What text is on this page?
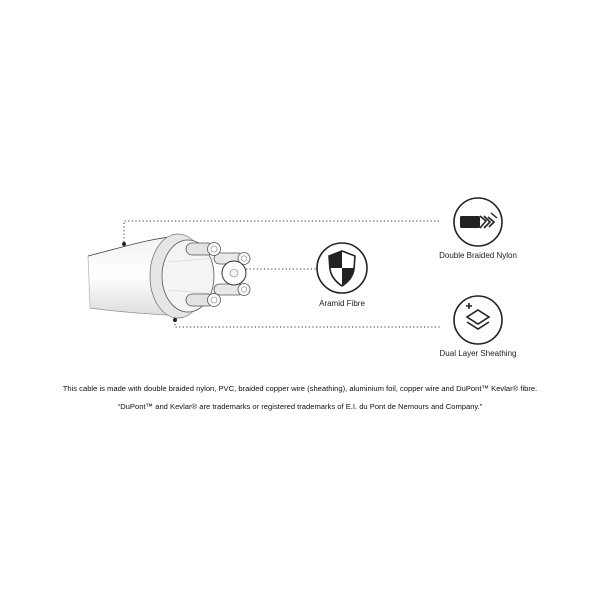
Double Braided Nylon
Aramid Fibre
Dual Layer Sheathing
This cable is made with double braided nylon, PVC, braided copper wire (sheathing), aluminium foil, copper wire and DuPont™ Kevlar® fibre.
“DuPont™ and Kevlar® are trademarks or registered trademarks of E.I. du Pont de Nemours and Company.”
